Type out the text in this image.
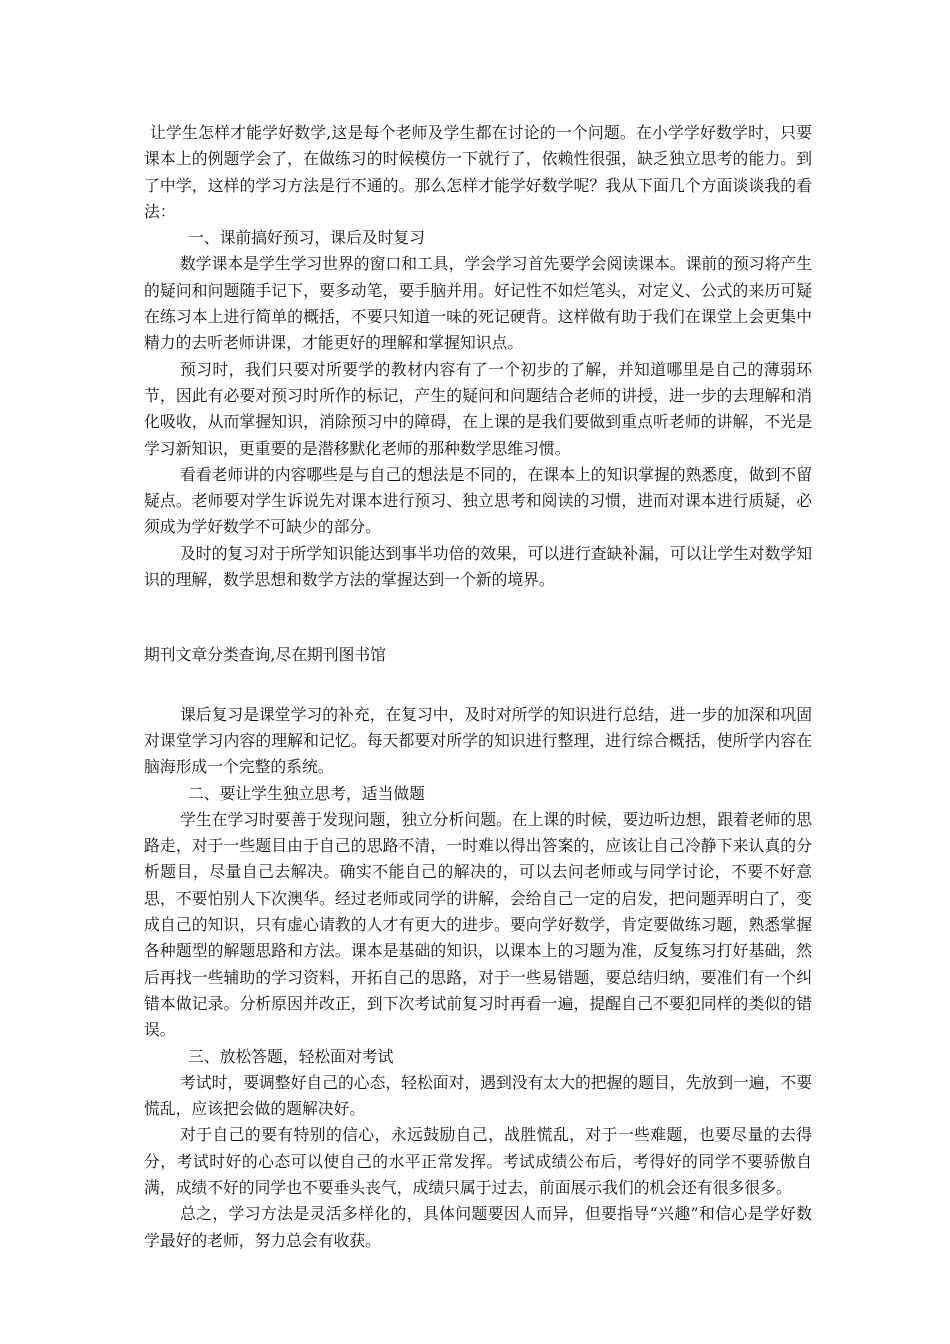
让学生怎样才能学好数学,这是每个老师及学生都在讨论的一个问题。在小学学好数学时，只要课本上的例题学会了，在做练习的时候模仿一下就行了，依赖性很强，缺乏独立思考的能力。到了中学，这样的学习方法是行不通的。那么怎样才能学好数学呢？我从下面几个方面谈谈我的看法：

一、课前搞好预习，课后及时复习

数学课本是学生学习世界的窗口和工具，学会学习首先要学会阅读课本。课前的预习将产生的疑问和问题随手记下，要多动笔，要手脑并用。好记性不如烂笔头，对定义、公式的来历可疑在练习本上进行简单的概括，不要只知道一味的死记硬背。这样做有助于我们在课堂上会更集中精力的去听老师讲课，才能更好的理解和掌握知识点。

预习时，我们只要对所要学的教材内容有了一个初步的了解，并知道哪里是自己的薄弱环节，因此有必要对预习时所作的标记，产生的疑问和问题结合老师的讲授，进一步的去理解和消化吸收，从而掌握知识，消除预习中的障碍，在上课的是我们要做到重点听老师的讲解，不光是学习新知识，更重要的是潜移默化老师的那种数学思维习惯。

看看老师讲的内容哪些是与自己的想法是不同的，在课本上的知识掌握的熟悉度，做到不留疑点。老师要对学生诉说先对课本进行预习、独立思考和阅读的习惯，进而对课本进行质疑，必须成为学好数学不可缺少的部分。

及时的复习对于所学知识能达到事半功倍的效果，可以进行查缺补漏，可以让学生对数学知识的理解，数学思想和数学方法的掌握达到一个新的境界。

期刊文章分类查询,尽在期刊图书馆

课后复习是课堂学习的补充，在复习中，及时对所学的知识进行总结，进一步的加深和巩固对课堂学习内容的理解和记忆。每天都要对所学的知识进行整理，进行综合概括，使所学内容在脑海形成一个完整的系统。

二、要让学生独立思考，适当做题

学生在学习时要善于发现问题，独立分析问题。在上课的时候，要边听边想，跟着老师的思路走，对于一些题目由于自己的思路不清，一时难以得出答案的，应该让自己冷静下来认真的分析题目，尽量自己去解决。确实不能自己的解决的，可以去问老师或与同学讨论，不要不好意思，不要怕别人下次澳华。经过老师或同学的讲解，会给自己一定的启发，把问题弄明白了，变成自己的知识，只有虚心请教的人才有更大的进步。要向学好数学，肯定要做练习题，熟悉掌握各种题型的解题思路和方法。课本是基础的知识，以课本上的习题为准，反复练习打好基础，然后再找一些辅助的学习资料，开拓自己的思路，对于一些易错题，要总结归纳，要准们有一个纠错本做记录。分析原因并改正，到下次考试前复习时再看一遍，提醒自己不要犯同样的类似的错误。

三、放松答题，轻松面对考试

考试时，要调整好自己的心态，轻松面对，遇到没有太大的把握的题目，先放到一遍，不要慌乱，应该把会做的题解决好。

对于自己的要有特别的信心，永远鼓励自己，战胜慌乱，对于一些难题，也要尽量的去得分，考试时好的心态可以使自己的水平正常发挥。考试成绩公布后，考得好的同学不要骄傲自满，成绩不好的同学也不要垂头丧气，成绩只属于过去，前面展示我们的机会还有很多很多。

总之，学习方法是灵活多样化的，具体问题要因人而异，但要指导“兴趣”和信心是学好数学最好的老师，努力总会有收获。
